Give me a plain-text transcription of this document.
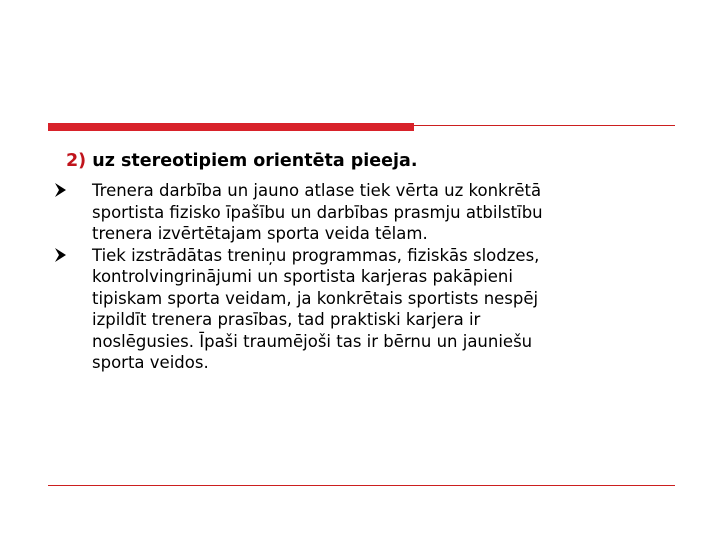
2) uz stereotipiem orientēta pieeja.
Trenera darbība un jauno atlase tiek vērta uz konkrētā
sportista fizisko īpašību un darbības prasmju atbilstību
trenera izvērtētajam sporta veida tēlam.
Tiek izstrādātas treniņu programmas, fiziskās slodzes,
kontrolvingrinājumi un sportista karjeras pakāpieni
tipiskam sporta veidam, ja konkrētais sportists nespēj
izpildīt trenera prasības, tad praktiski karjera ir
noslēgusies. Īpaši traumējoši tas ir bērnu un jauniešu
sporta veidos.
